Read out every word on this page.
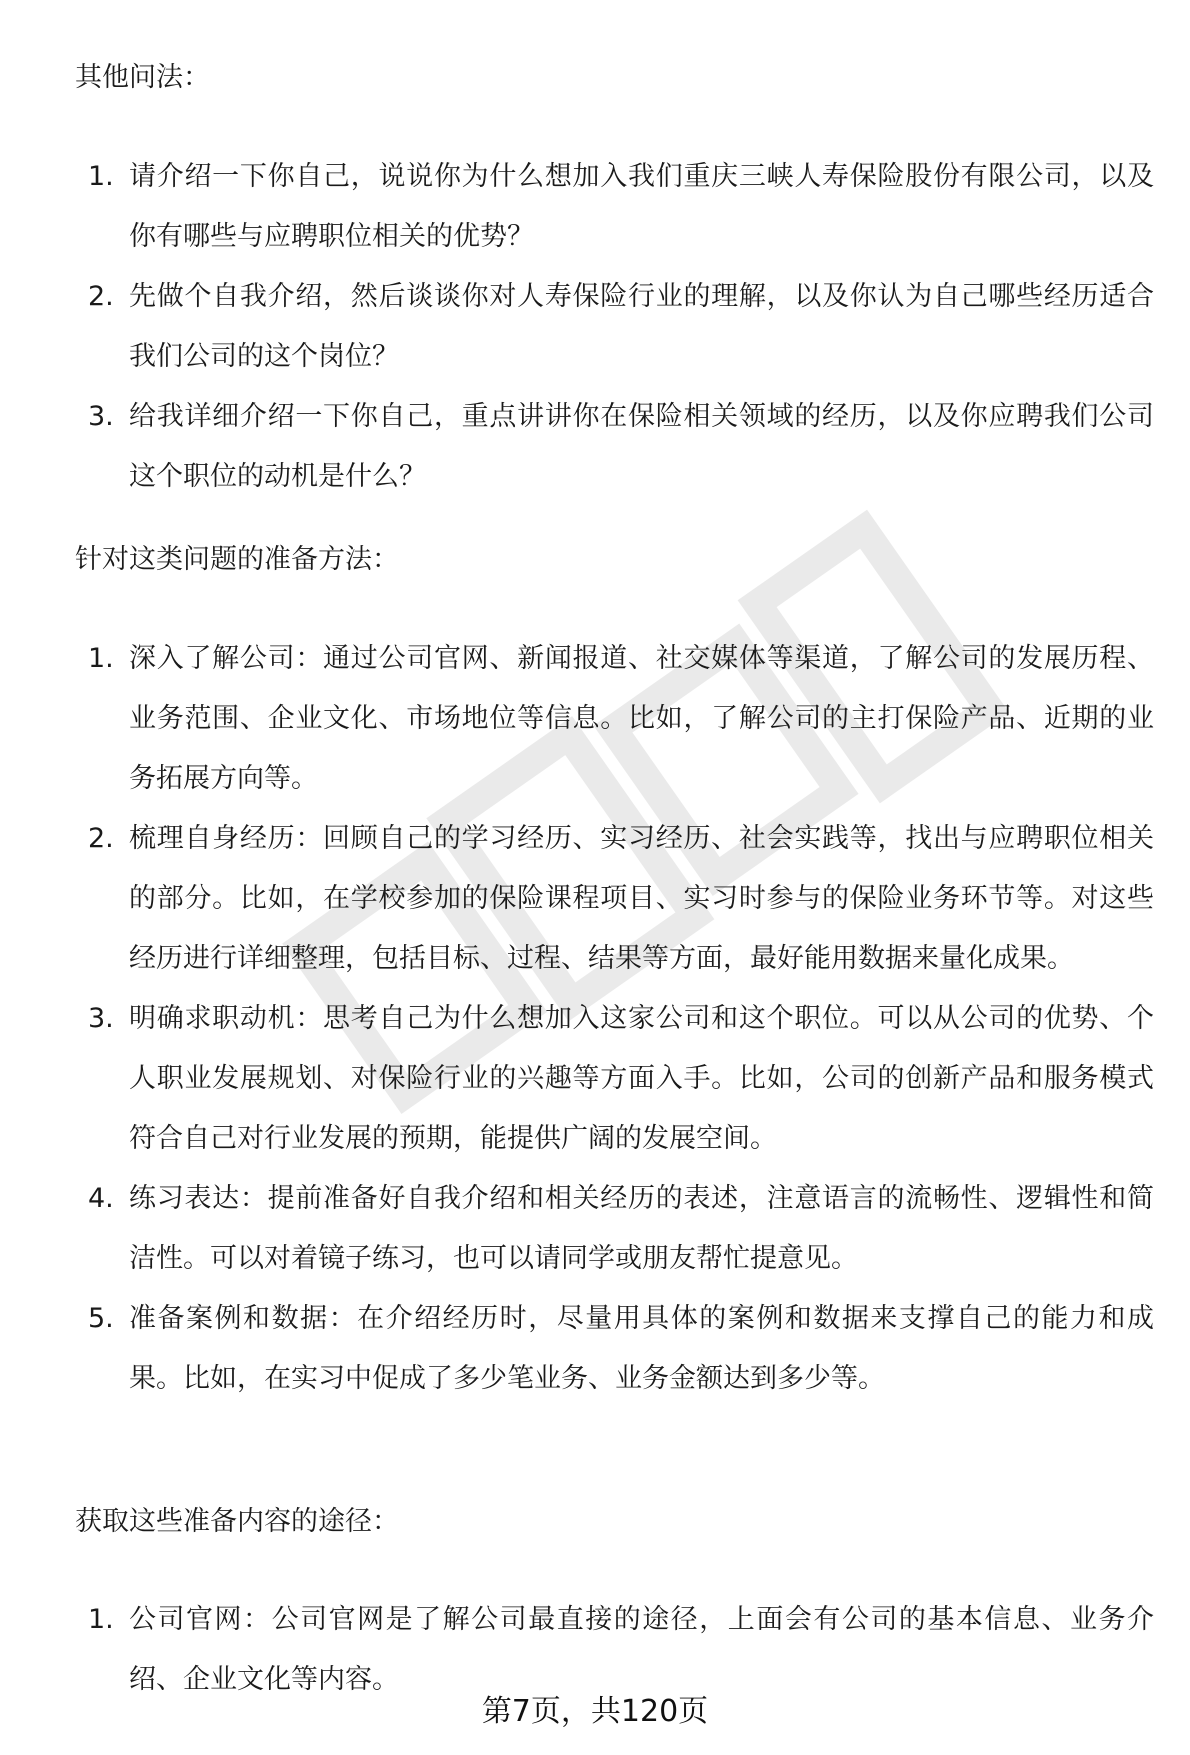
其他问法：
1. 请介绍一下你自己，说说你为什么想加入我们重庆三峡人寿保险股份有限公司，以及你有哪些与应聘职位相关的优势？
2. 先做个自我介绍，然后谈谈你对人寿保险行业的理解，以及你认为自己哪些经历适合我们公司的这个岗位？
3. 给我详细介绍一下你自己，重点讲讲你在保险相关领域的经历，以及你应聘我们公司这个职位的动机是什么？
针对这类问题的准备方法：
1. 深入了解公司：通过公司官网、新闻报道、社交媒体等渠道，了解公司的发展历程、业务范围、企业文化、市场地位等信息。比如，了解公司的主打保险产品、近期的业务拓展方向等。
2. 梳理自身经历：回顾自己的学习经历、实习经历、社会实践等，找出与应聘职位相关的部分。比如，在学校参加的保险课程项目、实习时参与的保险业务环节等。对这些经历进行详细整理，包括目标、过程、结果等方面，最好能用数据来量化成果。
3. 明确求职动机：思考自己为什么想加入这家公司和这个职位。可以从公司的优势、个人职业发展规划、对保险行业的兴趣等方面入手。比如，公司的创新产品和服务模式符合自己对行业发展的预期，能提供广阔的发展空间。
4. 练习表达：提前准备好自我介绍和相关经历的表述，注意语言的流畅性、逻辑性和简洁性。可以对着镜子练习，也可以请同学或朋友帮忙提意见。
5. 准备案例和数据：在介绍经历时，尽量用具体的案例和数据来支撑自己的能力和成果。比如，在实习中促成了多少笔业务、业务金额达到多少等。
获取这些准备内容的途径：
1. 公司官网：公司官网是了解公司最直接的途径，上面会有公司的基本信息、业务介绍、企业文化等内容。
第7页，共120页
